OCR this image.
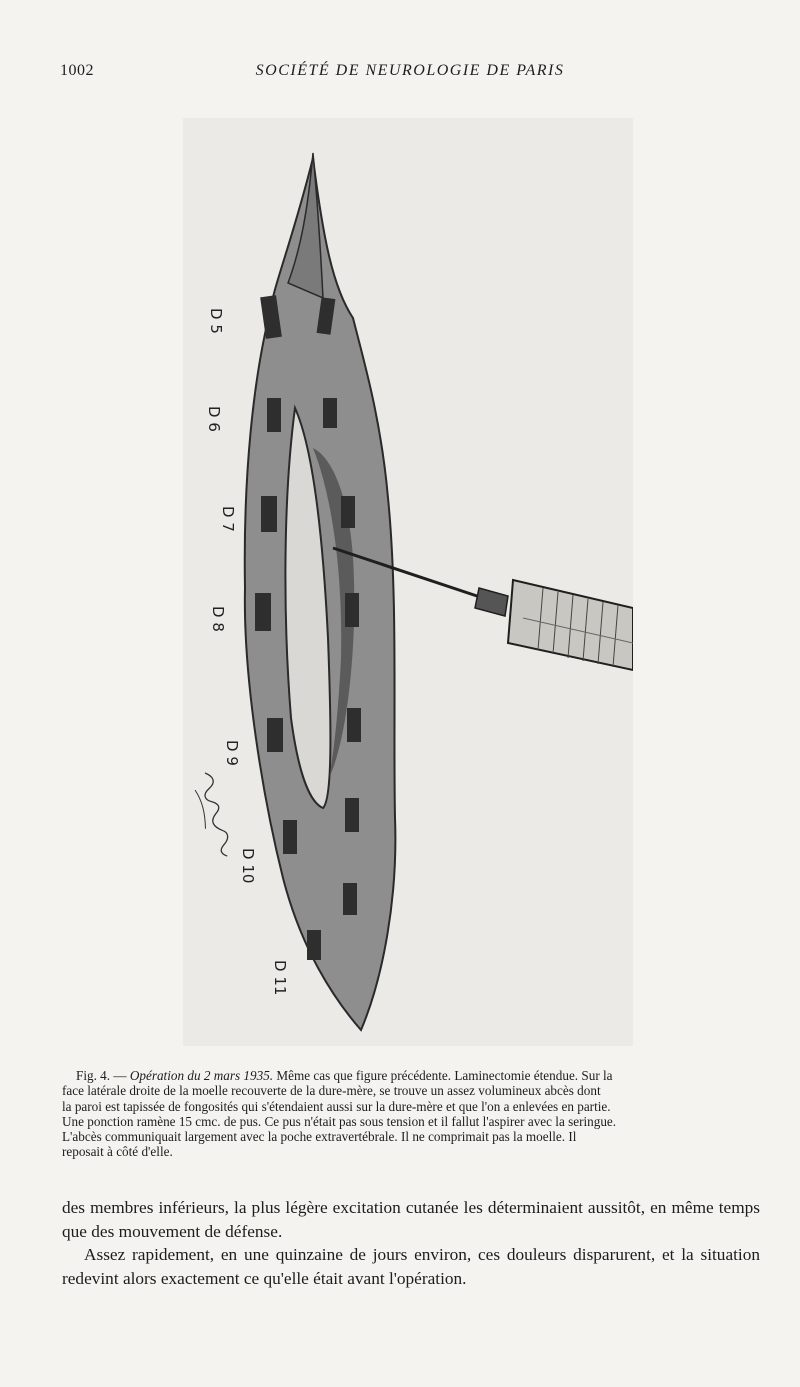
1002	SOCIÉTÉ DE NEUROLOGIE DE PARIS
D 5
D 6
D 7
D 8
D 9
D 10
D 11
Fig. 4. — Opération du 2 mars 1935. Même cas que figure précédente. Laminectomie étendue. Sur la
face latérale droite de la moelle recouverte de la dure-mère, se trouve un assez volumineux abcès dont
la paroi est tapissée de fongosités qui s'étendaient aussi sur la dure-mère et que l'on a enlevées en partie.
Une ponction ramène 15 cmc. de pus. Ce pus n'était pas sous tension et il fallut l'aspirer avec la seringue.
L'abcès communiquait largement avec la poche extravertébrale. Il ne comprimait pas la moelle. Il
reposait à côté d'elle.

des membres inférieurs, la plus légère excitation cutanée les déterminaient aussitôt, en même temps que des mouvement de défense.

Assez rapidement, en une quinzaine de jours environ, ces douleurs disparurent, et la situation redevint alors exactement ce qu'elle était avant l'opération.
